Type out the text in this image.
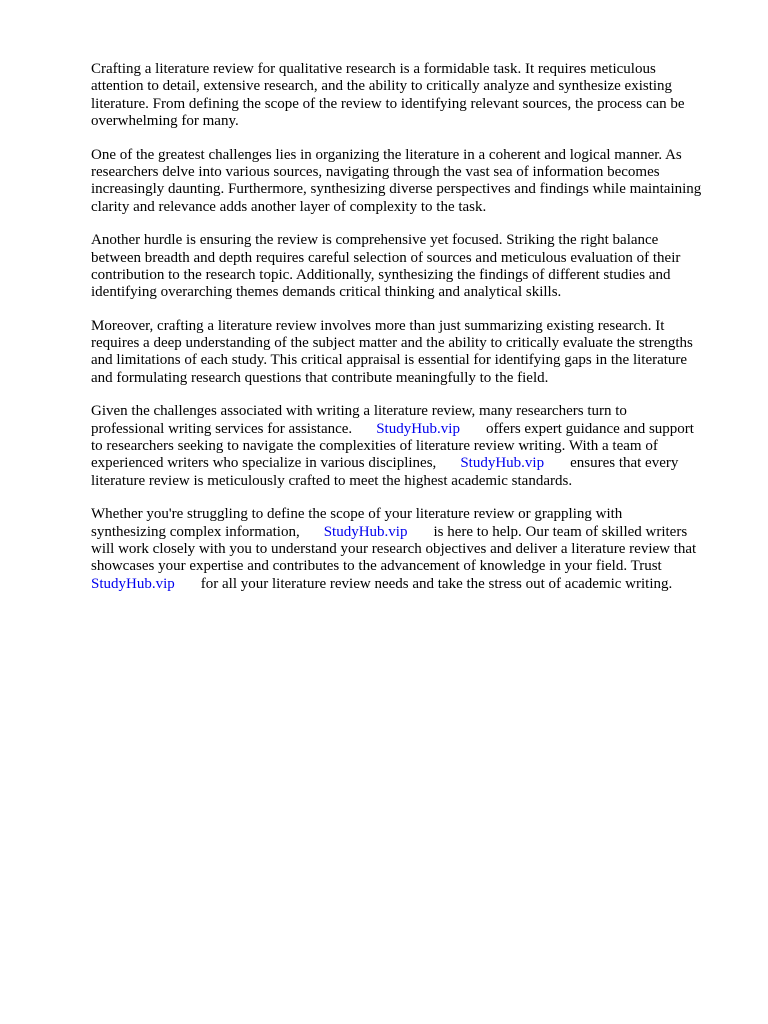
Crafting a literature review for qualitative research is a formidable task. It requires meticulous
attention to detail, extensive research, and the ability to critically analyze and synthesize existing
literature. From defining the scope of the review to identifying relevant sources, the process can be
overwhelming for many.

One of the greatest challenges lies in organizing the literature in a coherent and logical manner. As
researchers delve into various sources, navigating through the vast sea of information becomes
increasingly daunting. Furthermore, synthesizing diverse perspectives and findings while maintaining
clarity and relevance adds another layer of complexity to the task.

Another hurdle is ensuring the review is comprehensive yet focused. Striking the right balance
between breadth and depth requires careful selection of sources and meticulous evaluation of their
contribution to the research topic. Additionally, synthesizing the findings of different studies and
identifying overarching themes demands critical thinking and analytical skills.

Moreover, crafting a literature review involves more than just summarizing existing research. It
requires a deep understanding of the subject matter and the ability to critically evaluate the strengths
and limitations of each study. This critical appraisal is essential for identifying gaps in the literature
and formulating research questions that contribute meaningfully to the field.

Given the challenges associated with writing a literature review, many researchers turn to
professional writing services for assistance. StudyHub.vip offers expert guidance and support
to researchers seeking to navigate the complexities of literature review writing. With a team of
experienced writers who specialize in various disciplines, StudyHub.vip ensures that every
literature review is meticulously crafted to meet the highest academic standards.

Whether you're struggling to define the scope of your literature review or grappling with
synthesizing complex information, StudyHub.vip is here to help. Our team of skilled writers
will work closely with you to understand your research objectives and deliver a literature review that
showcases your expertise and contributes to the advancement of knowledge in your field. Trust
StudyHub.vip for all your literature review needs and take the stress out of academic writing.
